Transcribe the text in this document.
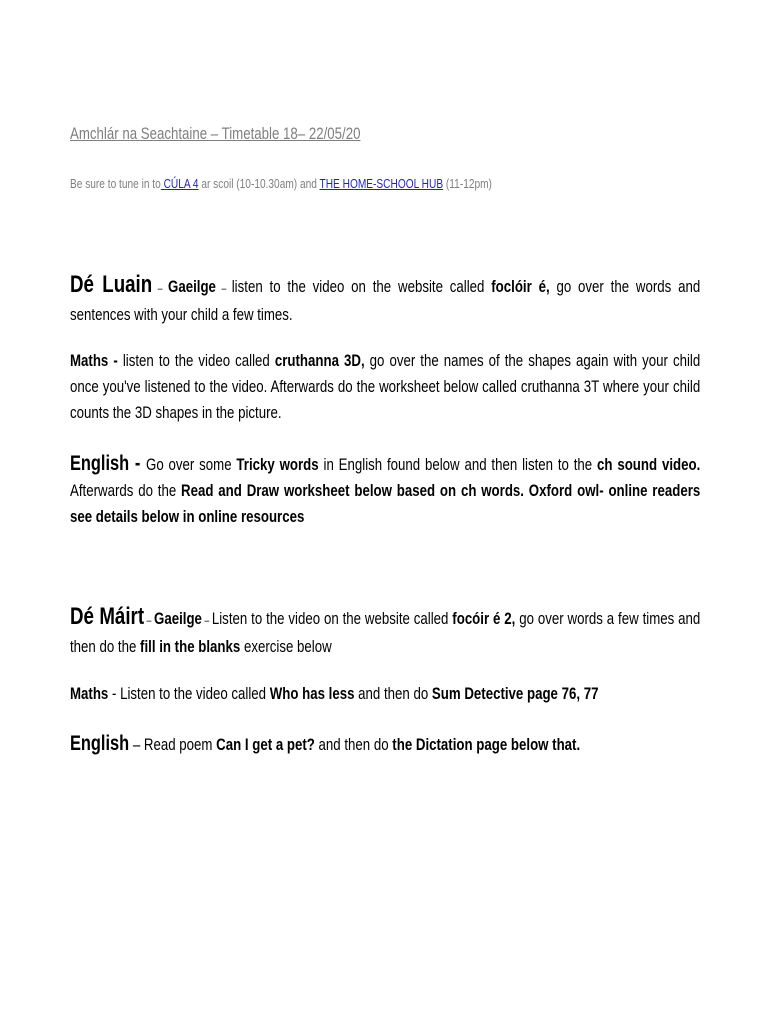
Amchlár na Seachtaine – Timetable 18– 22/05/20
Be sure to tune in to CÚLA 4 ar scoil (10-10.30am) and THE HOME-SCHOOL HUB (11-12pm)
Dé Luain – Gaeilge – listen to the video on the website called foclóir é, go over the words and sentences with your child a few times.
Maths - listen to the video called cruthanna 3D, go over the names of the shapes again with your child once you've listened to the video. Afterwards do the worksheet below called cruthanna 3T where your child counts the 3D shapes in the picture.
English - Go over some Tricky words in English found below and then listen to the ch sound video. Afterwards do the Read and Draw worksheet below based on ch words. Oxford owl- online readers see details below in online resources
Dé Máirt – Gaeilge – Listen to the video on the website called focóir é 2, go over words a few times and then do the fill in the blanks exercise below
Maths - Listen to the video called Who has less and then do Sum Detective page 76, 77
English – Read poem Can I get a pet? and then do the Dictation page below that.
